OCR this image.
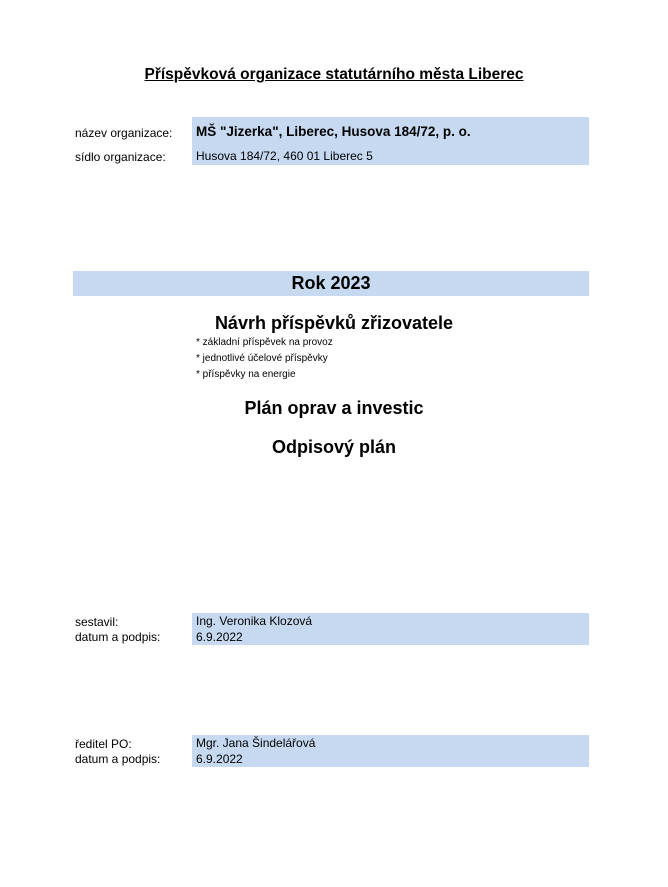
Příspěvková organizace statutárního města Liberec
název organizace: MŠ "Jizerka", Liberec, Husova 184/72, p. o.
sídlo organizace:	Husova 184/72, 460 01 Liberec 5
Rok 2023
Návrh příspěvků zřizovatele
* základní příspěvek na provoz
* jednotlivé účelové příspěvky
* příspěvky na energie
Plán oprav a investic
Odpisový plán
sestavil:	Ing. Veronika Klozová
datum a podpis:	6.9.2022
ředitel PO:	Mgr. Jana Šindelářová
datum a podpis:	6.9.2022
